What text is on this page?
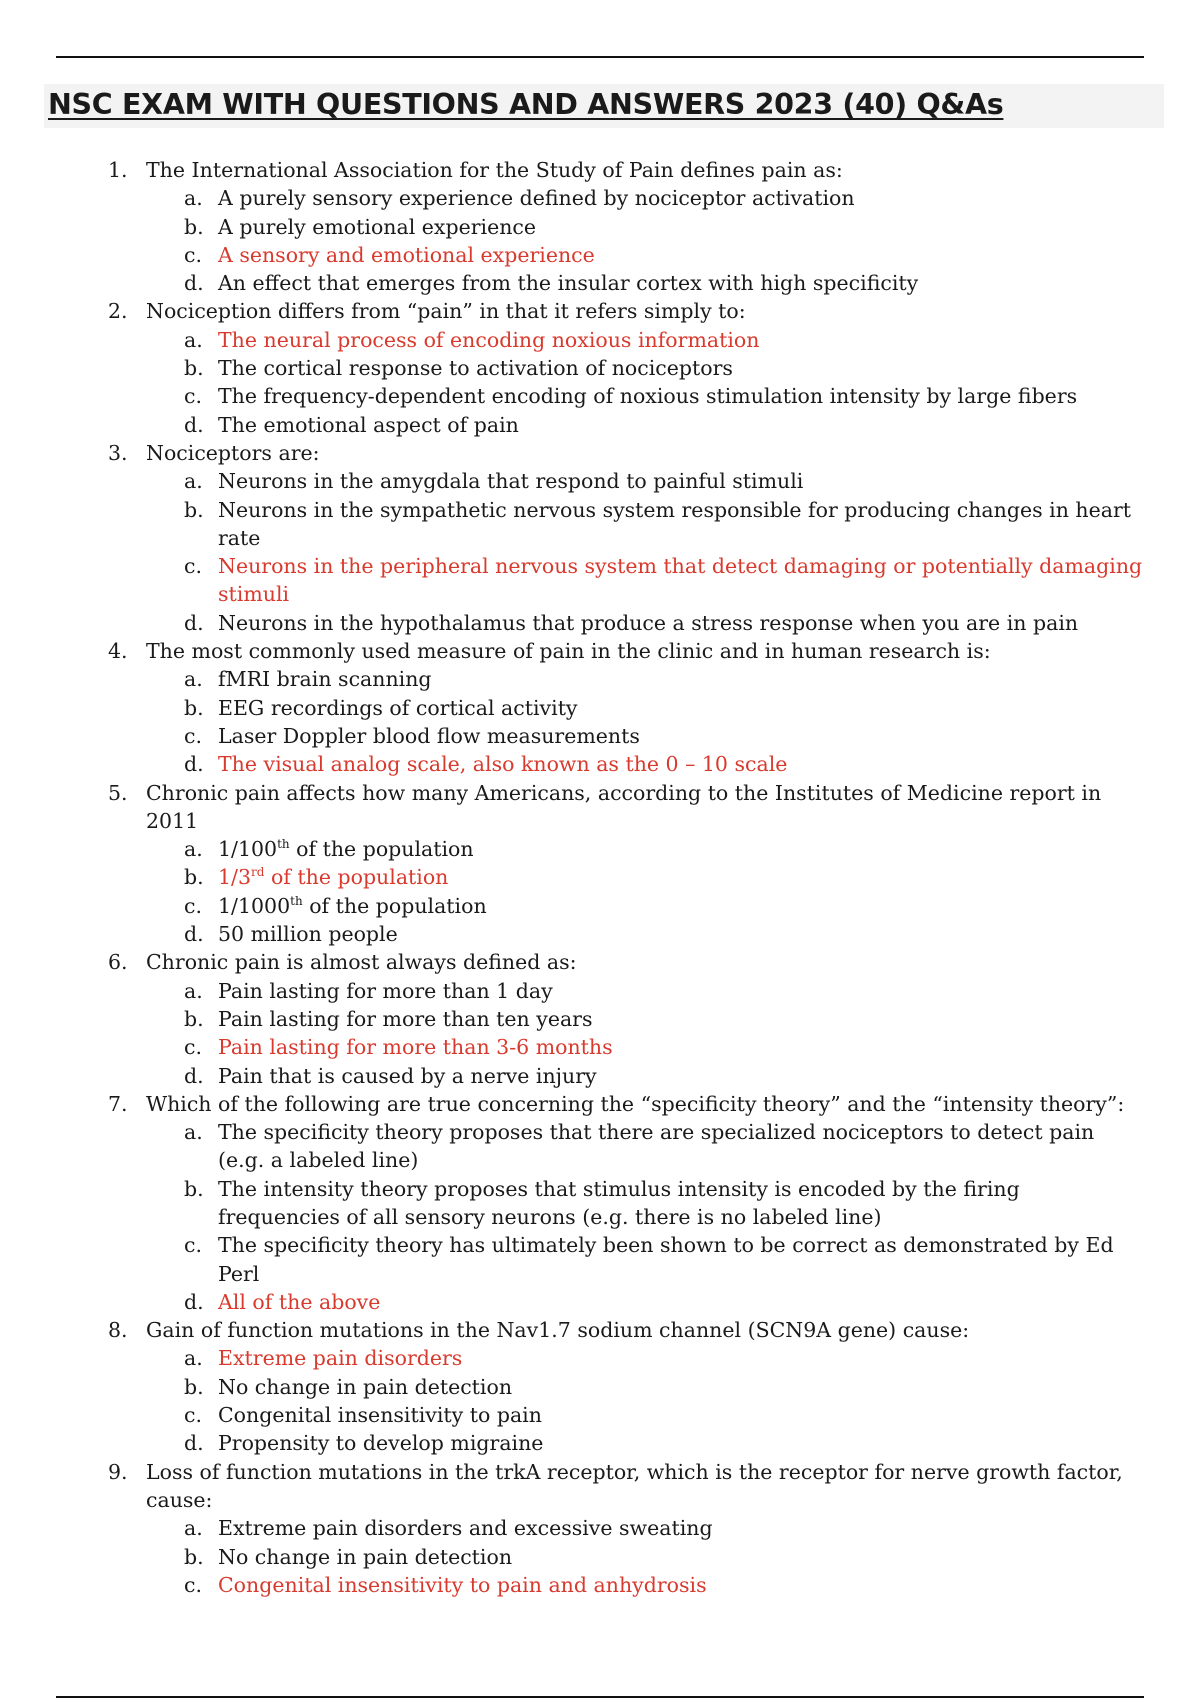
NSC EXAM WITH QUESTIONS AND ANSWERS 2023 (40) Q&As
1. The International Association for the Study of Pain defines pain as:
a. A purely sensory experience defined by nociceptor activation
b. A purely emotional experience
c. A sensory and emotional experience
d. An effect that emerges from the insular cortex with high specificity
2. Nociception differs from “pain” in that it refers simply to:
a. The neural process of encoding noxious information
b. The cortical response to activation of nociceptors
c. The frequency-dependent encoding of noxious stimulation intensity by large fibers
d. The emotional aspect of pain
3. Nociceptors are:
a. Neurons in the amygdala that respond to painful stimuli
b. Neurons in the sympathetic nervous system responsible for producing changes in heart rate
c. Neurons in the peripheral nervous system that detect damaging or potentially damaging stimuli
d. Neurons in the hypothalamus that produce a stress response when you are in pain
4. The most commonly used measure of pain in the clinic and in human research is:
a. fMRI brain scanning
b. EEG recordings of cortical activity
c. Laser Doppler blood flow measurements
d. The visual analog scale, also known as the 0 – 10 scale
5. Chronic pain affects how many Americans, according to the Institutes of Medicine report in 2011
a. 1/100th of the population
b. 1/3rd of the population
c. 1/1000th of the population
d. 50 million people
6. Chronic pain is almost always defined as:
a. Pain lasting for more than 1 day
b. Pain lasting for more than ten years
c. Pain lasting for more than 3-6 months
d. Pain that is caused by a nerve injury
7. Which of the following are true concerning the “specificity theory” and the “intensity theory”:
a. The specificity theory proposes that there are specialized nociceptors to detect pain (e.g. a labeled line)
b. The intensity theory proposes that stimulus intensity is encoded by the firing frequencies of all sensory neurons (e.g. there is no labeled line)
c. The specificity theory has ultimately been shown to be correct as demonstrated by Ed Perl
d. All of the above
8. Gain of function mutations in the Nav1.7 sodium channel (SCN9A gene) cause:
a. Extreme pain disorders
b. No change in pain detection
c. Congenital insensitivity to pain
d. Propensity to develop migraine
9. Loss of function mutations in the trkA receptor, which is the receptor for nerve growth factor, cause:
a. Extreme pain disorders and excessive sweating
b. No change in pain detection
c. Congenital insensitivity to pain and anhydrosis
